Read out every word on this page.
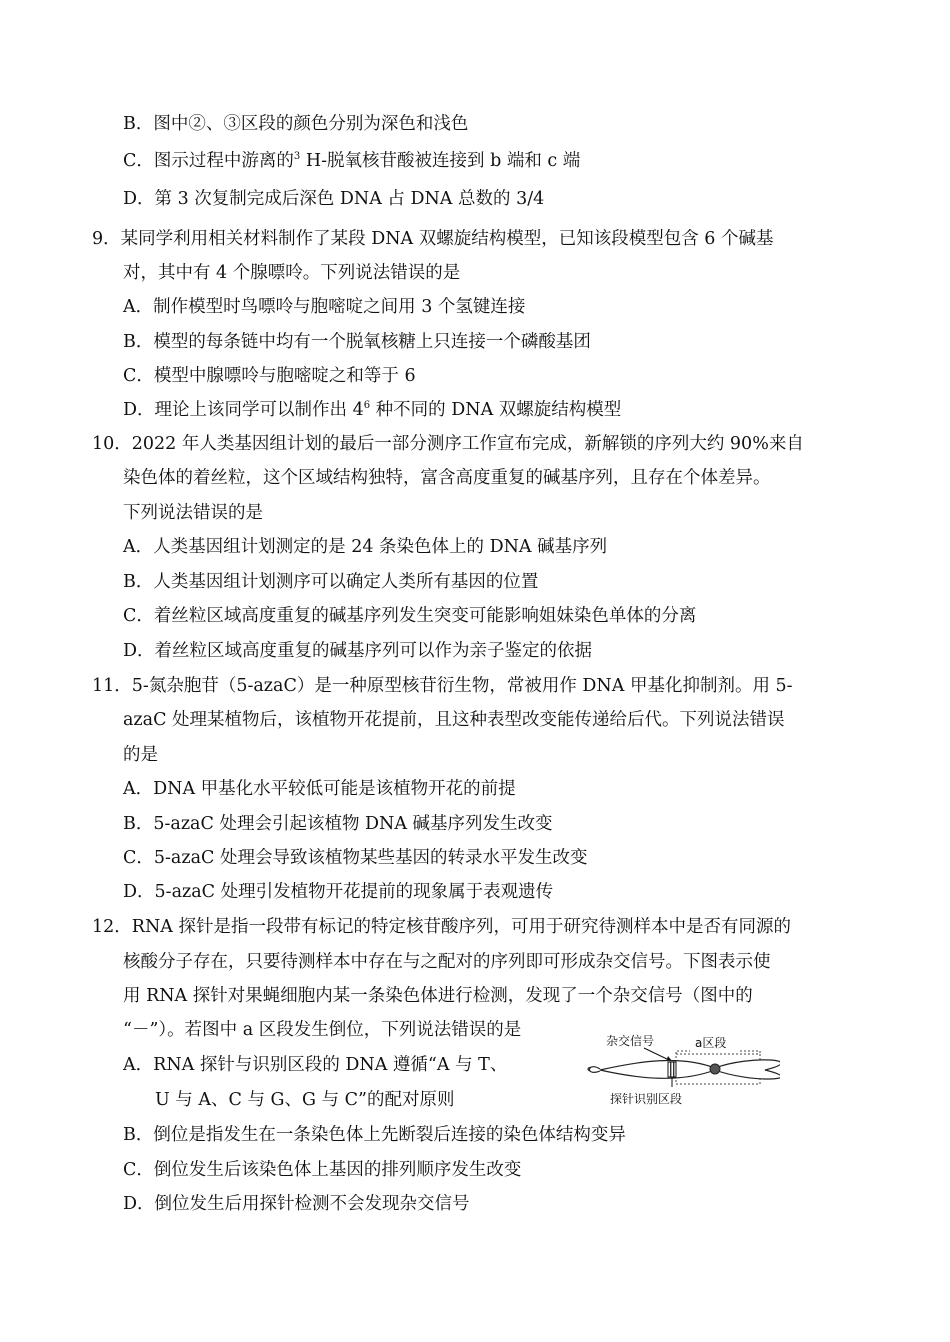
B．图中②、③区段的颜色分别为深色和浅色

C．图示过程中游离的$^3$ H-脱氧核苷酸被连接到 b 端和 c 端

D．第 3 次复制完成后深色 DNA 占 DNA 总数的 3/4

9．某同学利用相关材料制作了某段 DNA 双螺旋结构模型，已知该段模型包含 6 个碱基

对，其中有 4 个腺嘌呤。下列说法错误的是

A．制作模型时鸟嘌呤与胞嘧啶之间用 3 个氢键连接

B．模型的每条链中均有一个脱氧核糖上只连接一个磷酸基团

C．模型中腺嘌呤与胞嘧啶之和等于 6

D．理论上该同学可以制作出 $4^6$ 种不同的 DNA 双螺旋结构模型

10．2022 年人类基因组计划的最后一部分测序工作宣布完成，新解锁的序列大约 90%来自

染色体的着丝粒，这个区域结构独特，富含高度重复的碱基序列，且存在个体差异。

下列说法错误的是

A．人类基因组计划测定的是 24 条染色体上的 DNA 碱基序列

B．人类基因组计划测序可以确定人类所有基因的位置

C．着丝粒区域高度重复的碱基序列发生突变可能影响姐妹染色单体的分离

D．着丝粒区域高度重复的碱基序列可以作为亲子鉴定的依据

11．5-氮杂胞苷（5-azaC）是一种原型核苷衍生物，常被用作 DNA 甲基化抑制剂。用 5-

azaC 处理某植物后，该植物开花提前，且这种表型改变能传递给后代。下列说法错误

的是

A．DNA 甲基化水平较低可能是该植物开花的前提

B．5-azaC 处理会引起该植物 DNA 碱基序列发生改变

C．5-azaC 处理会导致该植物某些基因的转录水平发生改变

D．5-azaC 处理引发植物开花提前的现象属于表观遗传

12．RNA 探针是指一段带有标记的特定核苷酸序列，可用于研究待测样本中是否有同源的

核酸分子存在，只要待测样本中存在与之配对的序列即可形成杂交信号。下图表示使

用 RNA 探针对果蝇细胞内某一条染色体进行检测，发现了一个杂交信号（图中的

“－”）。若图中 a 区段发生倒位，下列说法错误的是

A．RNA 探针与识别区段的 DNA 遵循“A 与 T、

U 与 A、C 与 G、G 与 C”的配对原则

B．倒位是指发生在一条染色体上先断裂后连接的染色体结构变异

C．倒位发生后该染色体上基因的排列顺序发生改变

D．倒位发生后用探针检测不会发现杂交信号

杂交信号	a区段
探针识别区段
